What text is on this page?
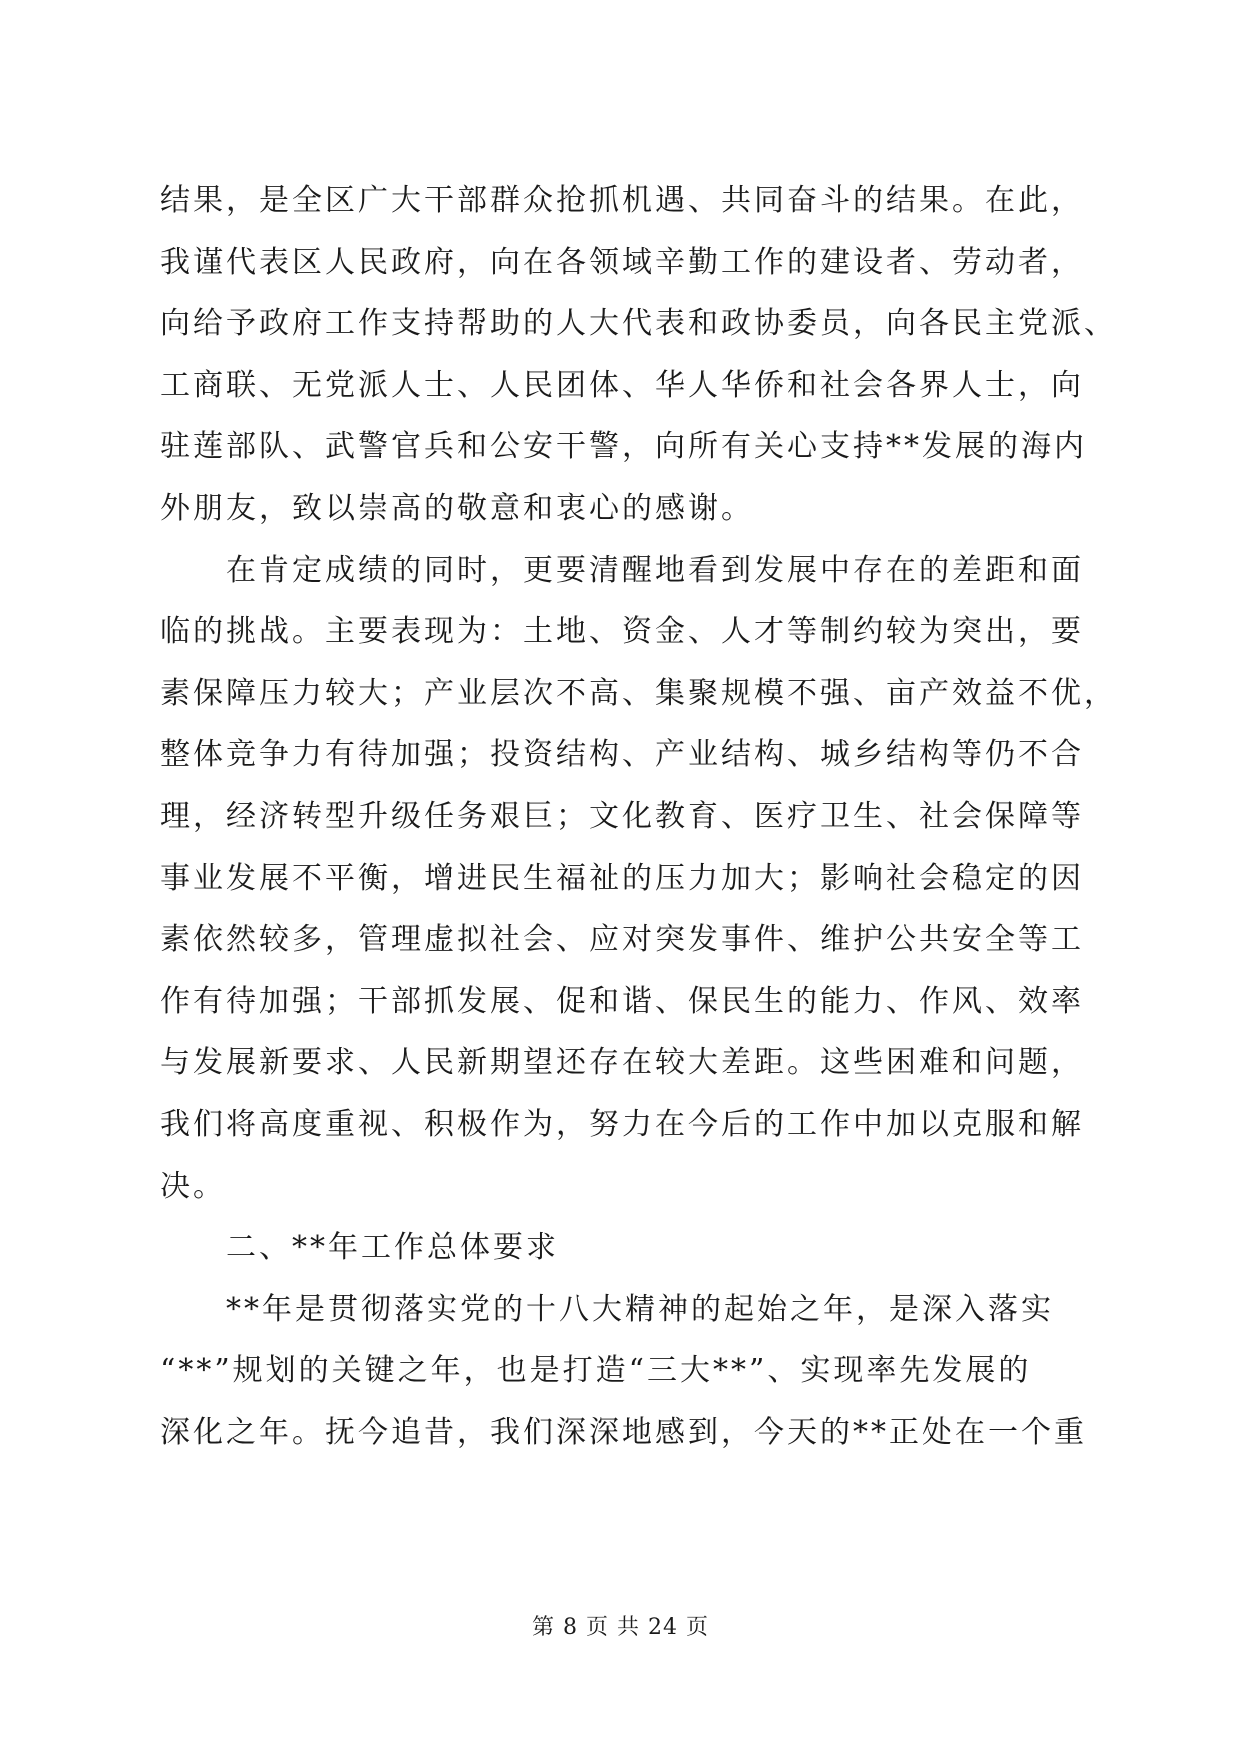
结果，是全区广大干部群众抢抓机遇、共同奋斗的结果。在此，
我谨代表区人民政府，向在各领域辛勤工作的建设者、劳动者，
向给予政府工作支持帮助的人大代表和政协委员，向各民主党派、
工商联、无党派人士、人民团体、华人华侨和社会各界人士，向
驻莲部队、武警官兵和公安干警，向所有关心支持**发展的海内
外朋友，致以崇高的敬意和衷心的感谢。
　　在肯定成绩的同时，更要清醒地看到发展中存在的差距和面
临的挑战。主要表现为：土地、资金、人才等制约较为突出，要
素保障压力较大；产业层次不高、集聚规模不强、亩产效益不优，
整体竞争力有待加强；投资结构、产业结构、城乡结构等仍不合
理，经济转型升级任务艰巨；文化教育、医疗卫生、社会保障等
事业发展不平衡，增进民生福祉的压力加大；影响社会稳定的因
素依然较多，管理虚拟社会、应对突发事件、维护公共安全等工
作有待加强；干部抓发展、促和谐、保民生的能力、作风、效率
与发展新要求、人民新期望还存在较大差距。这些困难和问题，
我们将高度重视、积极作为，努力在今后的工作中加以克服和解
决。
　　二、**年工作总体要求
　　**年是贯彻落实党的十八大精神的起始之年，是深入落实
“**”规划的关键之年，也是打造“三大**”、实现率先发展的
深化之年。抚今追昔，我们深深地感到，今天的**正处在一个重
第 8 页 共 24 页
